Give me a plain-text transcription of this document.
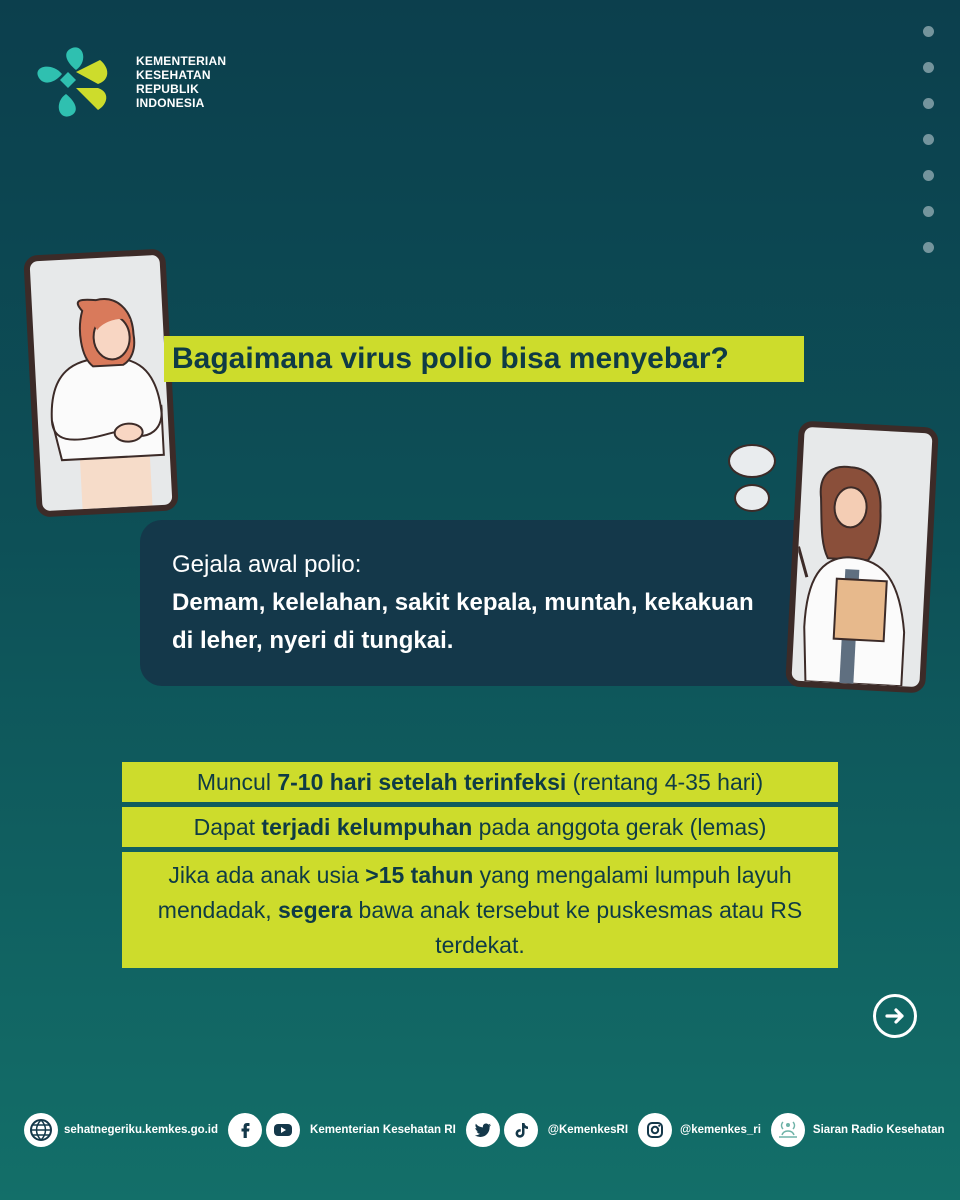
KEMENTERIAN
KESEHATAN
REPUBLIK
INDONESIA
Bagaimana virus polio bisa menyebar?
Gejala awal polio:
Demam, kelelahan, sakit kepala, muntah, kekakuan di leher, nyeri di tungkai.
Muncul 7-10 hari setelah terinfeksi (rentang 4-35 hari)
Dapat terjadi kelumpuhan pada anggota gerak (lemas)
Jika ada anak usia >15 tahun yang mengalami lumpuh layuh mendadak, segera bawa anak tersebut ke puskesmas atau RS terdekat.
sehatnegeriku.kemkes.go.id	Kementerian Kesehatan RI	@KemenkesRI	@kemenkes_ri	Siaran Radio Kesehatan
